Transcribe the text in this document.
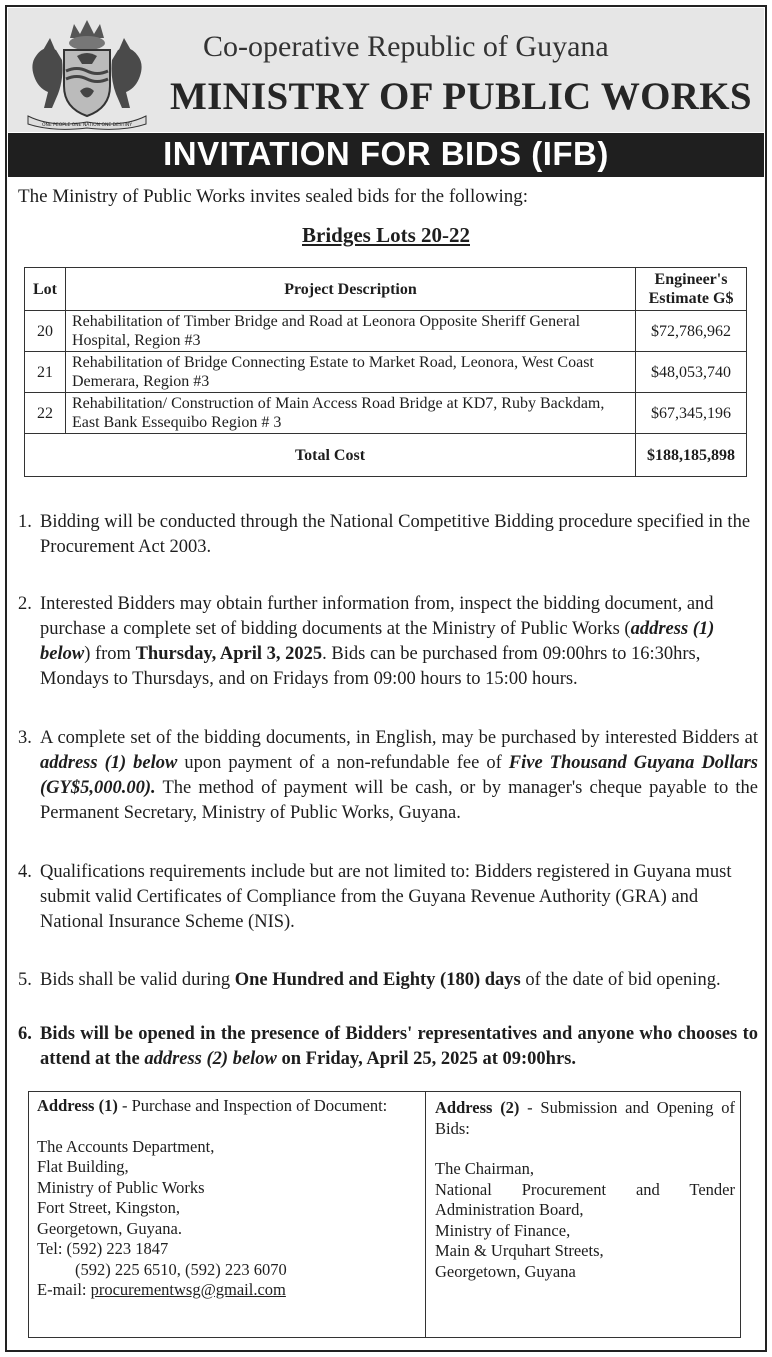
ONE PEOPLE ONE NATION ONE DESTINY
Co-operative Republic of Guyana
MINISTRY OF PUBLIC WORKS
INVITATION FOR BIDS (IFB)
The Ministry of Public Works invites sealed bids for the following:
Bridges Lots 20-22
Lot	Project Description	Engineer's
Estimate G$
20	Rehabilitation of Timber Bridge and Road at Leonora Opposite Sheriff General Hospital, Region #3	$72,786,962
21	Rehabilitation of Bridge Connecting Estate to Market Road, Leonora, West Coast Demerara, Region #3	$48,053,740
22	Rehabilitation/ Construction of Main Access Road Bridge at KD7, Ruby Backdam, East Bank Essequibo Region # 3	$67,345,196
Total Cost		$188,185,898
1. Bidding will be conducted through the National Competitive Bidding procedure specified in the Procurement Act 2003.
2. Interested Bidders may obtain further information from, inspect the bidding document, and purchase a complete set of bidding documents at the Ministry of Public Works (address (1) below) from Thursday, April 3, 2025. Bids can be purchased from 09:00hrs to 16:30hrs, Mondays to Thursdays, and on Fridays from 09:00 hours to 15:00 hours.
3. A complete set of the bidding documents, in English, may be purchased by interested Bidders at address (1) below upon payment of a non-refundable fee of Five Thousand Guyana Dollars (GY$5,000.00). The method of payment will be cash, or by manager's cheque payable to the Permanent Secretary, Ministry of Public Works, Guyana.
4. Qualifications requirements include but are not limited to: Bidders registered in Guyana must submit valid Certificates of Compliance from the Guyana Revenue Authority (GRA) and National Insurance Scheme (NIS).
5. Bids shall be valid during One Hundred and Eighty (180) days of the date of bid opening.
6. Bids will be opened in the presence of Bidders' representatives and anyone who chooses to attend at the address (2) below on Friday, April 25, 2025 at 09:00hrs.

Address (1) - Purchase and Inspection of Document:

The Accounts Department,

Flat Building,

Ministry of Public Works

Fort Street, Kingston,

Georgetown, Guyana.

Tel: (592) 223 1847

(592) 225 6510, (592) 223 6070

E-mail: procurementwsg@gmail.com

Address (2) - Submission and Opening of Bids:

The Chairman,

National Procurement and Tender Administration Board,

Ministry of Finance,

Main & Urquhart Streets,

Georgetown, Guyana
